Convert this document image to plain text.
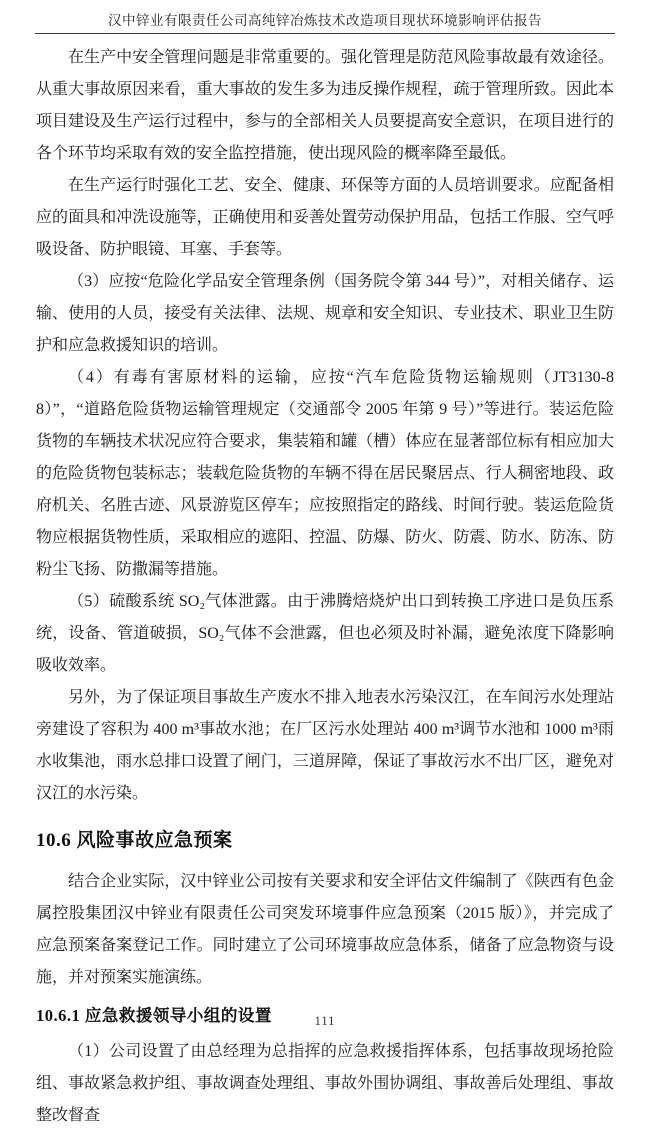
汉中锌业有限责任公司高纯锌冶炼技术改造项目现状环境影响评估报告

在生产中安全管理问题是非常重要的。强化管理是防范风险事故最有效途径。从重大事故原因来看，重大事故的发生多为违反操作规程，疏于管理所致。因此本项目建设及生产运行过程中，参与的全部相关人员要提高安全意识，在项目进行的各个环节均采取有效的安全监控措施，使出现风险的概率降至最低。

在生产运行时强化工艺、安全、健康、环保等方面的人员培训要求。应配备相应的面具和冲洗设施等，正确使用和妥善处置劳动保护用品，包括工作服、空气呼吸设备、防护眼镜、耳塞、手套等。

（3）应按“危险化学品安全管理条例（国务院令第 344 号）”，对相关储存、运输、使用的人员，接受有关法律、法规、规章和安全知识、专业技术、职业卫生防护和应急救援知识的培训。

（4）有毒有害原材料的运输，应按“汽车危险货物运输规则（JT3130-88）”，“道路危险货物运输管理规定（交通部令 2005 年第 9 号）”等进行。装运危险货物的车辆技术状况应符合要求，集装箱和罐（槽）体应在显著部位标有相应加大的危险货物包装标志；装载危险货物的车辆不得在居民聚居点、行人稠密地段、政府机关、名胜古迹、风景游览区停车；应按照指定的路线、时间行驶。装运危险货物应根据货物性质，采取相应的遮阳、控温、防爆、防火、防震、防水、防冻、防粉尘飞扬、防撒漏等措施。

（5）硫酸系统 SO₂气体泄露。由于沸腾焙烧炉出口到转换工序进口是负压系统，设备、管道破损，SO₂气体不会泄露，但也必须及时补漏，避免浓度下降影响吸收效率。

另外，为了保证项目事故生产废水不排入地表水污染汉江，在车间污水处理站旁建设了容积为 400 m³事故水池；在厂区污水处理站 400 m³调节水池和 1000 m³雨水收集池，雨水总排口设置了闸门，三道屏障，保证了事故污水不出厂区，避免对汉江的水污染。

10.6 风险事故应急预案

结合企业实际，汉中锌业公司按有关要求和安全评估文件编制了《陕西有色金属控股集团汉中锌业有限责任公司突发环境事件应急预案（2015 版）》，并完成了应急预案备案登记工作。同时建立了公司环境事故应急体系，储备了应急物资与设施，并对预案实施演练。

10.6.1 应急救援领导小组的设置

（1）公司设置了由总经理为总指挥的应急救援指挥体系，包括事故现场抢险组、事故紧急救护组、事故调查处理组、事故外围协调组、事故善后处理组、事故整改督查

111
